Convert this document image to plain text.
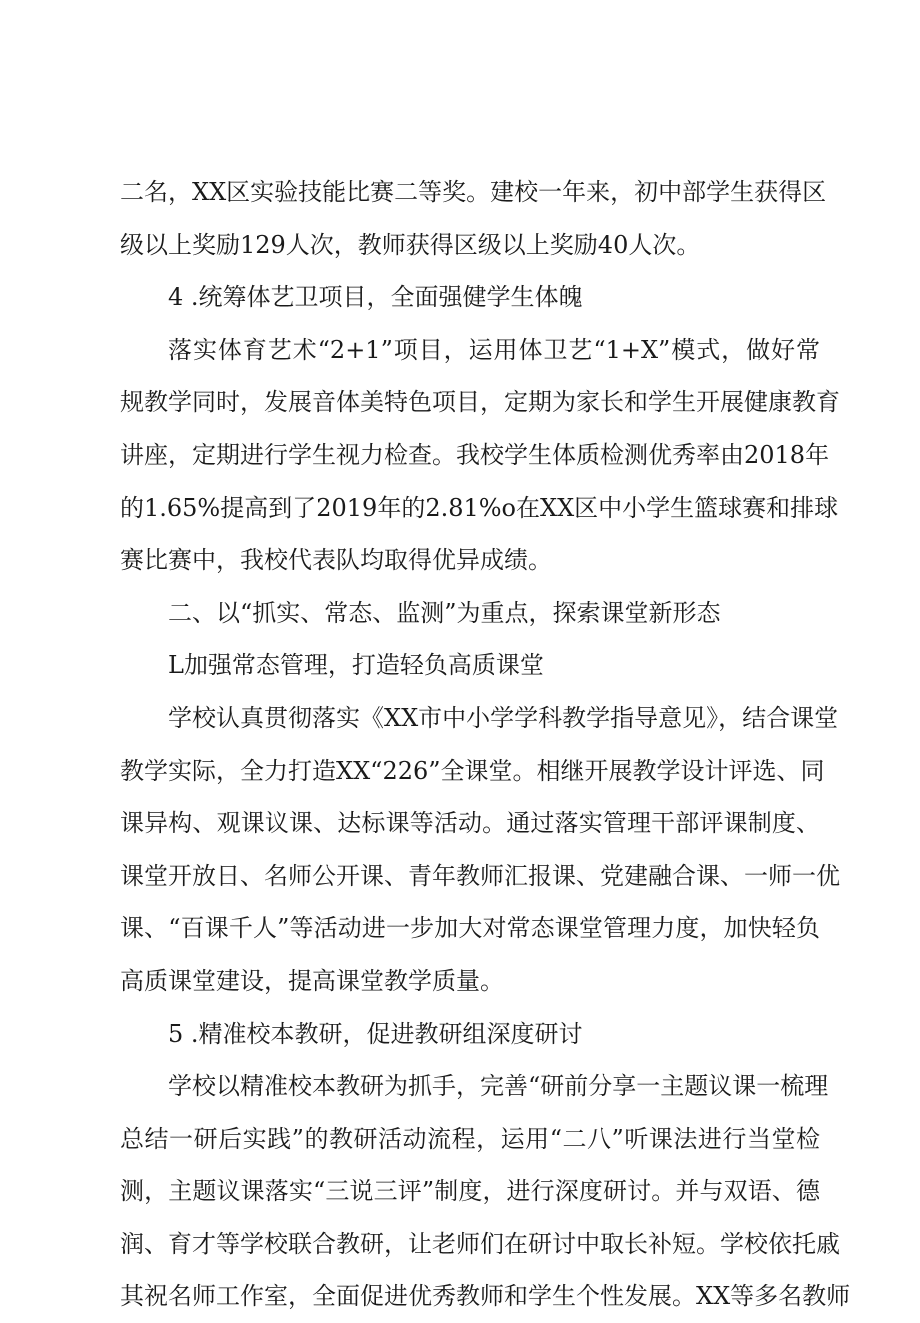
二名，XX区实验技能比赛二等奖。建校一年来，初中部学生获得区
级以上奖励129人次，教师获得区级以上奖励40人次。
4 .统筹体艺卫项目，全面强健学生体魄
落实体育艺术“2+1”项目，运用体卫艺“1+X”模式，做好常
规教学同时，发展音体美特色项目，定期为家长和学生开展健康教育
讲座，定期进行学生视力检查。我校学生体质检测优秀率由2018年
的1.65%提高到了2019年的2.81%o在XX区中小学生篮球赛和排球
赛比赛中，我校代表队均取得优异成绩。
二、以“抓实、常态、监测”为重点，探索课堂新形态
L加强常态管理，打造轻负高质课堂
学校认真贯彻落实《XX市中小学学科教学指导意见》，结合课堂
教学实际，全力打造XX“226”全课堂。相继开展教学设计评选、同
课异构、观课议课、达标课等活动。通过落实管理干部评课制度、
课堂开放日、名师公开课、青年教师汇报课、党建融合课、一师一优
课、“百课千人”等活动进一步加大对常态课堂管理力度，加快轻负
高质课堂建设，提高课堂教学质量。
5 .精准校本教研，促进教研组深度研讨
学校以精准校本教研为抓手，完善“研前分享一主题议课一梳理
总结一研后实践”的教研活动流程，运用“二八”听课法进行当堂检
测，主题议课落实“三说三评”制度，进行深度研讨。并与双语、德
润、育才等学校联合教研，让老师们在研讨中取长补短。学校依托戚
其祝名师工作室，全面促进优秀教师和学生个性发展。XX等多名教师
